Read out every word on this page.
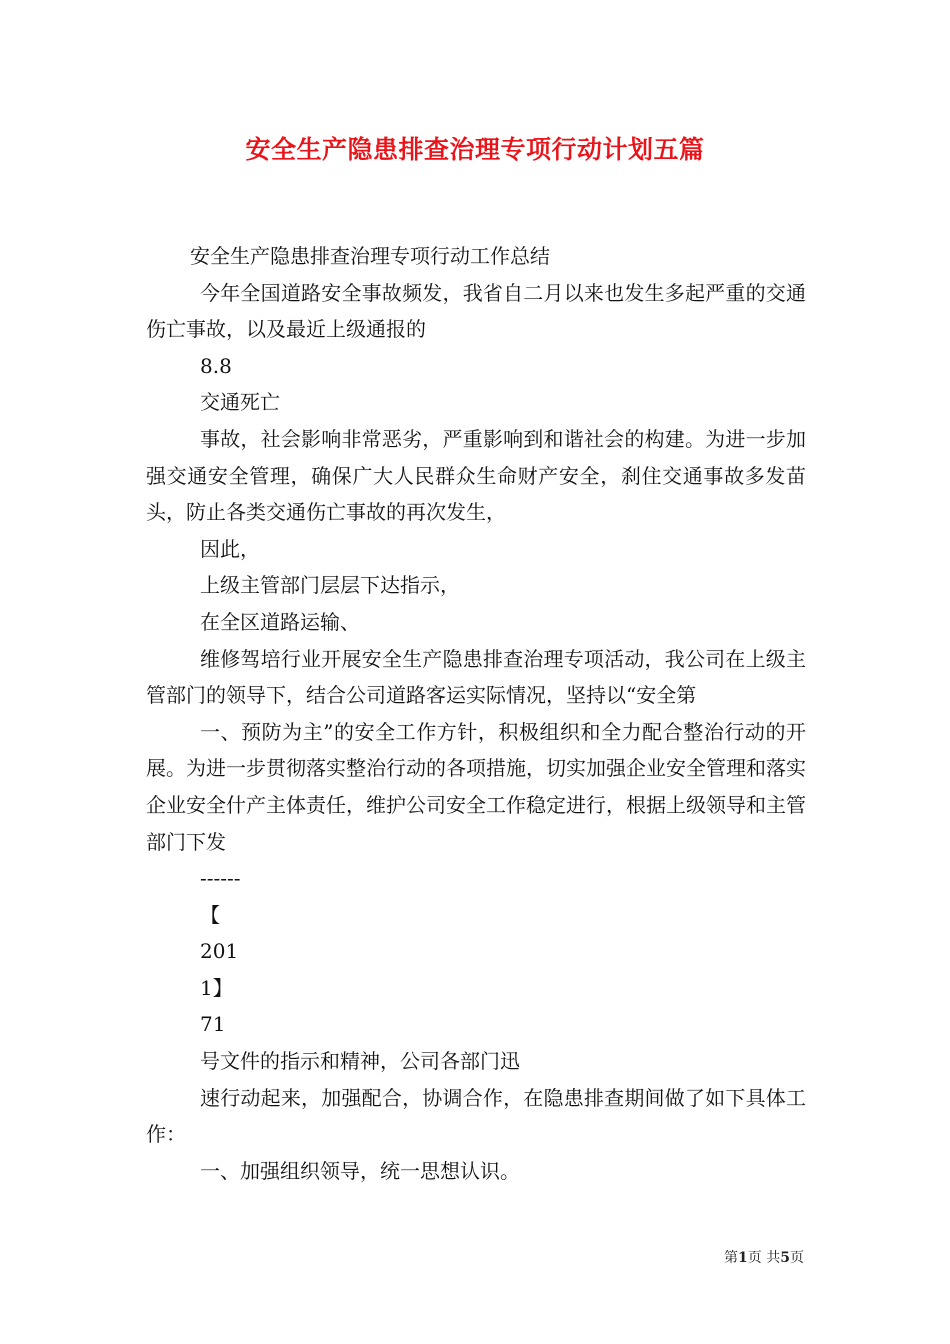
安全生产隐患排查治理专项行动计划五篇

安全生产隐患排查治理专项行动工作总结

今年全国道路安全事故频发，我省自二月以来也发生多起严重的交通伤亡事故，以及最近上级通报的

8.8

交通死亡

事故，社会影响非常恶劣，严重影响到和谐社会的构建。为进一步加强交通安全管理，确保广大人民群众生命财产安全，刹住交通事故多发苗头，防止各类交通伤亡事故的再次发生，

因此，

上级主管部门层层下达指示，

在全区道路运输、

维修驾培行业开展安全生产隐患排查治理专项活动，我公司在上级主管部门的领导下，结合公司道路客运实际情况，坚持以“安全第

一、预防为主”的安全工作方针，积极组织和全力配合整治行动的开展。为进一步贯彻落实整治行动的各项措施，切实加强企业安全管理和落实企业安全什产主体责任，维护公司安全工作稳定进行，根据上级领导和主管部门下发

------

【

201

1】

71

号文件的指示和精神，公司各部门迅

速行动起来，加强配合，协调合作，在隐患排查期间做了如下具体工作：

一、加强组织领导，统一思想认识。

第1页 共5页
